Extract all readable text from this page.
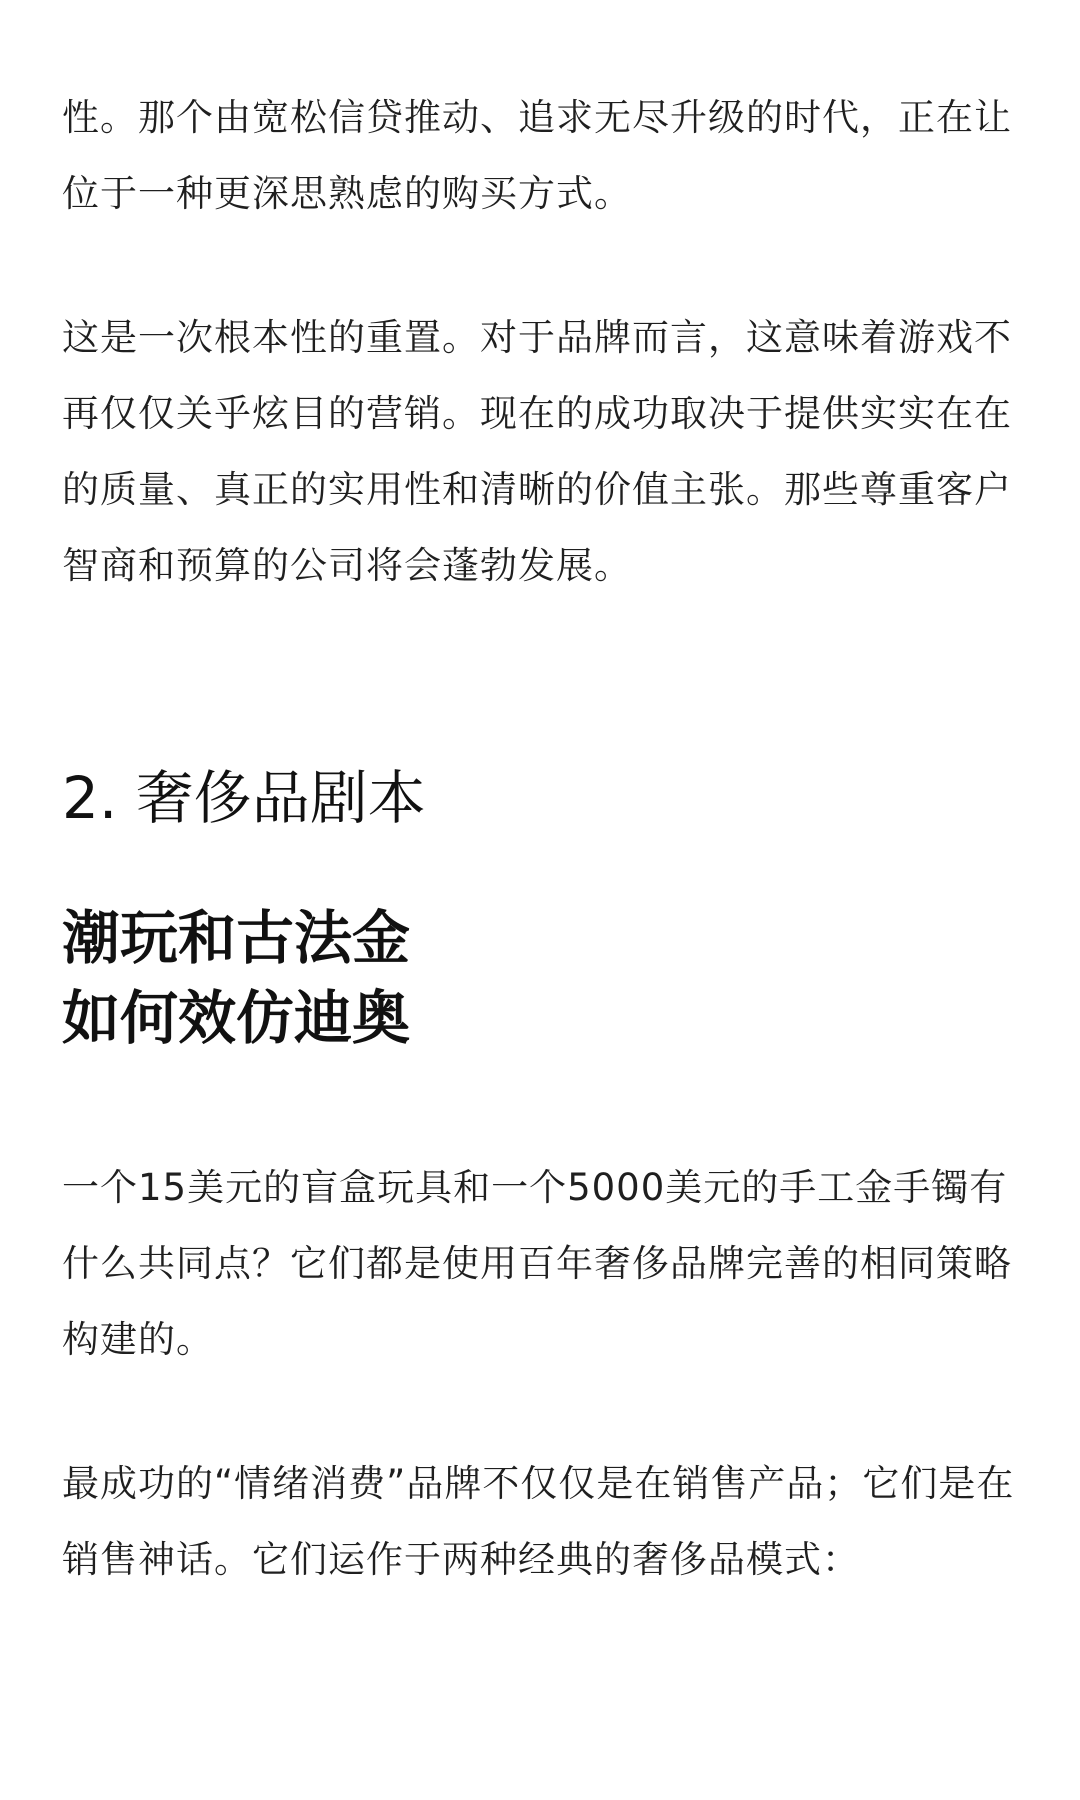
性。那个由宽松信贷推动、追求无尽升级的时代，正在让位于一种更深思熟虑的购买方式。

这是一次根本性的重置。对于品牌而言，这意味着游戏不再仅仅关乎炫目的营销。现在的成功取决于提供实实在在的质量、真正的实用性和清晰的价值主张。那些尊重客户智商和预算的公司将会蓬勃发展。

2. 奢侈品剧本
潮玩和古法金
如何效仿迪奥

一个15美元的盲盒玩具和一个5000美元的手工金手镯有什么共同点？它们都是使用百年奢侈品牌完善的相同策略构建的。

最成功的“情绪消费”品牌不仅仅是在销售产品；它们是在销售神话。它们运作于两种经典的奢侈品模式：
